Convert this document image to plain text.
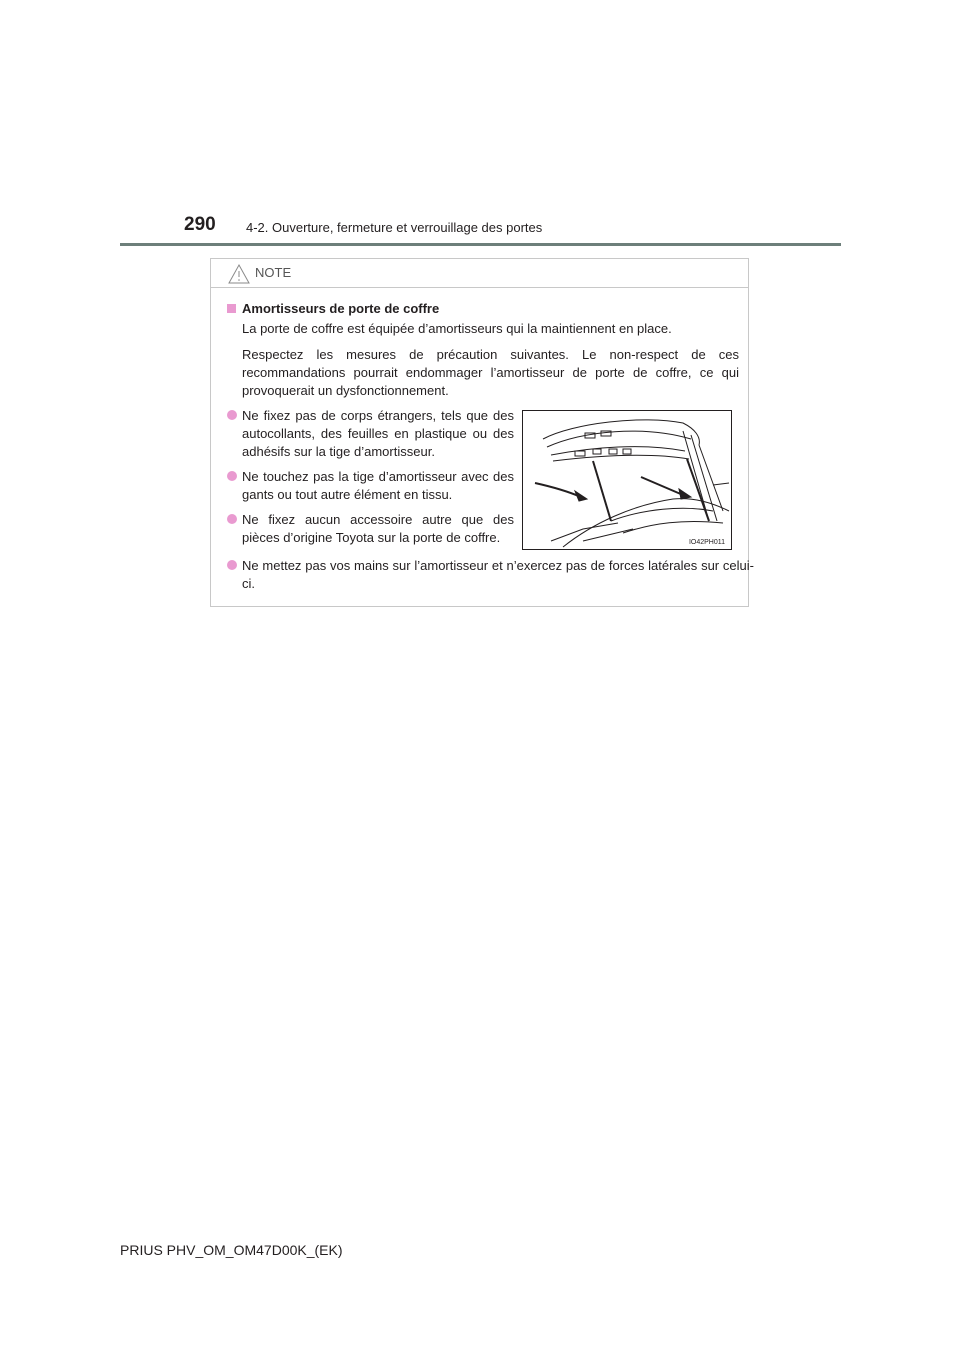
290 4-2. Ouverture, fermeture et verrouillage des portes
NOTE
Amortisseurs de porte de coffre
La porte de coffre est équipée d’amortisseurs qui la maintiennent en place.
Respectez les mesures de précaution suivantes. Le non-respect de ces recommandations pourrait endommager l’amortisseur de porte de coffre, ce qui provoquerait un dysfonctionnement.
Ne fixez pas de corps étrangers, tels que des autocollants, des feuilles en plastique ou des adhésifs sur la tige d’amortisseur.
Ne touchez pas la tige d’amortisseur avec des gants ou tout autre élément en tissu.
Ne fixez aucun accessoire autre que des pièces d’origine Toyota sur la porte de coffre.	IO42PH011
Ne mettez pas vos mains sur l’amortisseur et n’exercez pas de forces latérales sur celui-ci.
PRIUS PHV_OM_OM47D00K_(EK)
